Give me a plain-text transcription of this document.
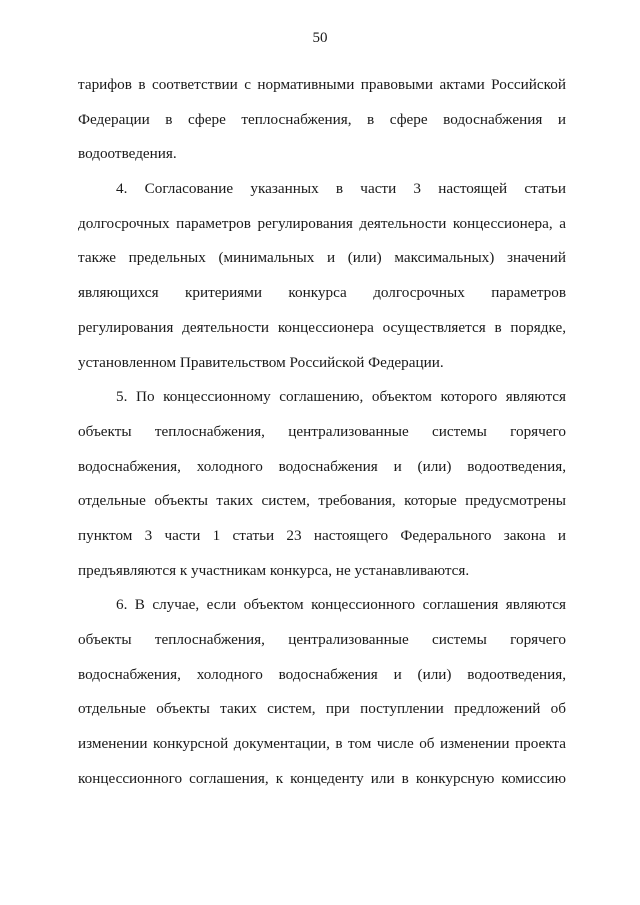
50
тарифов в соответствии с нормативными правовыми актами Российской
Федерации в сфере теплоснабжения, в сфере водоснабжения и
водоотведения.
4. Согласование указанных в части 3 настоящей статьи
долгосрочных параметров регулирования деятельности концессионера, а
также предельных (минимальных и (или) максимальных) значений
являющихся критериями конкурса долгосрочных параметров
регулирования деятельности концессионера осуществляется в порядке,
установленном Правительством Российской Федерации.
5. По концессионному соглашению, объектом которого являются
объекты теплоснабжения, централизованные системы горячего
водоснабжения, холодного водоснабжения и (или) водоотведения,
отдельные объекты таких систем, требования, которые предусмотрены
пунктом 3 части 1 статьи 23 настоящего Федерального закона и
предъявляются к участникам конкурса, не устанавливаются.
6. В случае, если объектом концессионного соглашения являются
объекты теплоснабжения, централизованные системы горячего
водоснабжения, холодного водоснабжения и (или) водоотведения,
отдельные объекты таких систем, при поступлении предложений об
изменении конкурсной документации, в том числе об изменении проекта
концессионного соглашения, к концеденту или в конкурсную комиссию
